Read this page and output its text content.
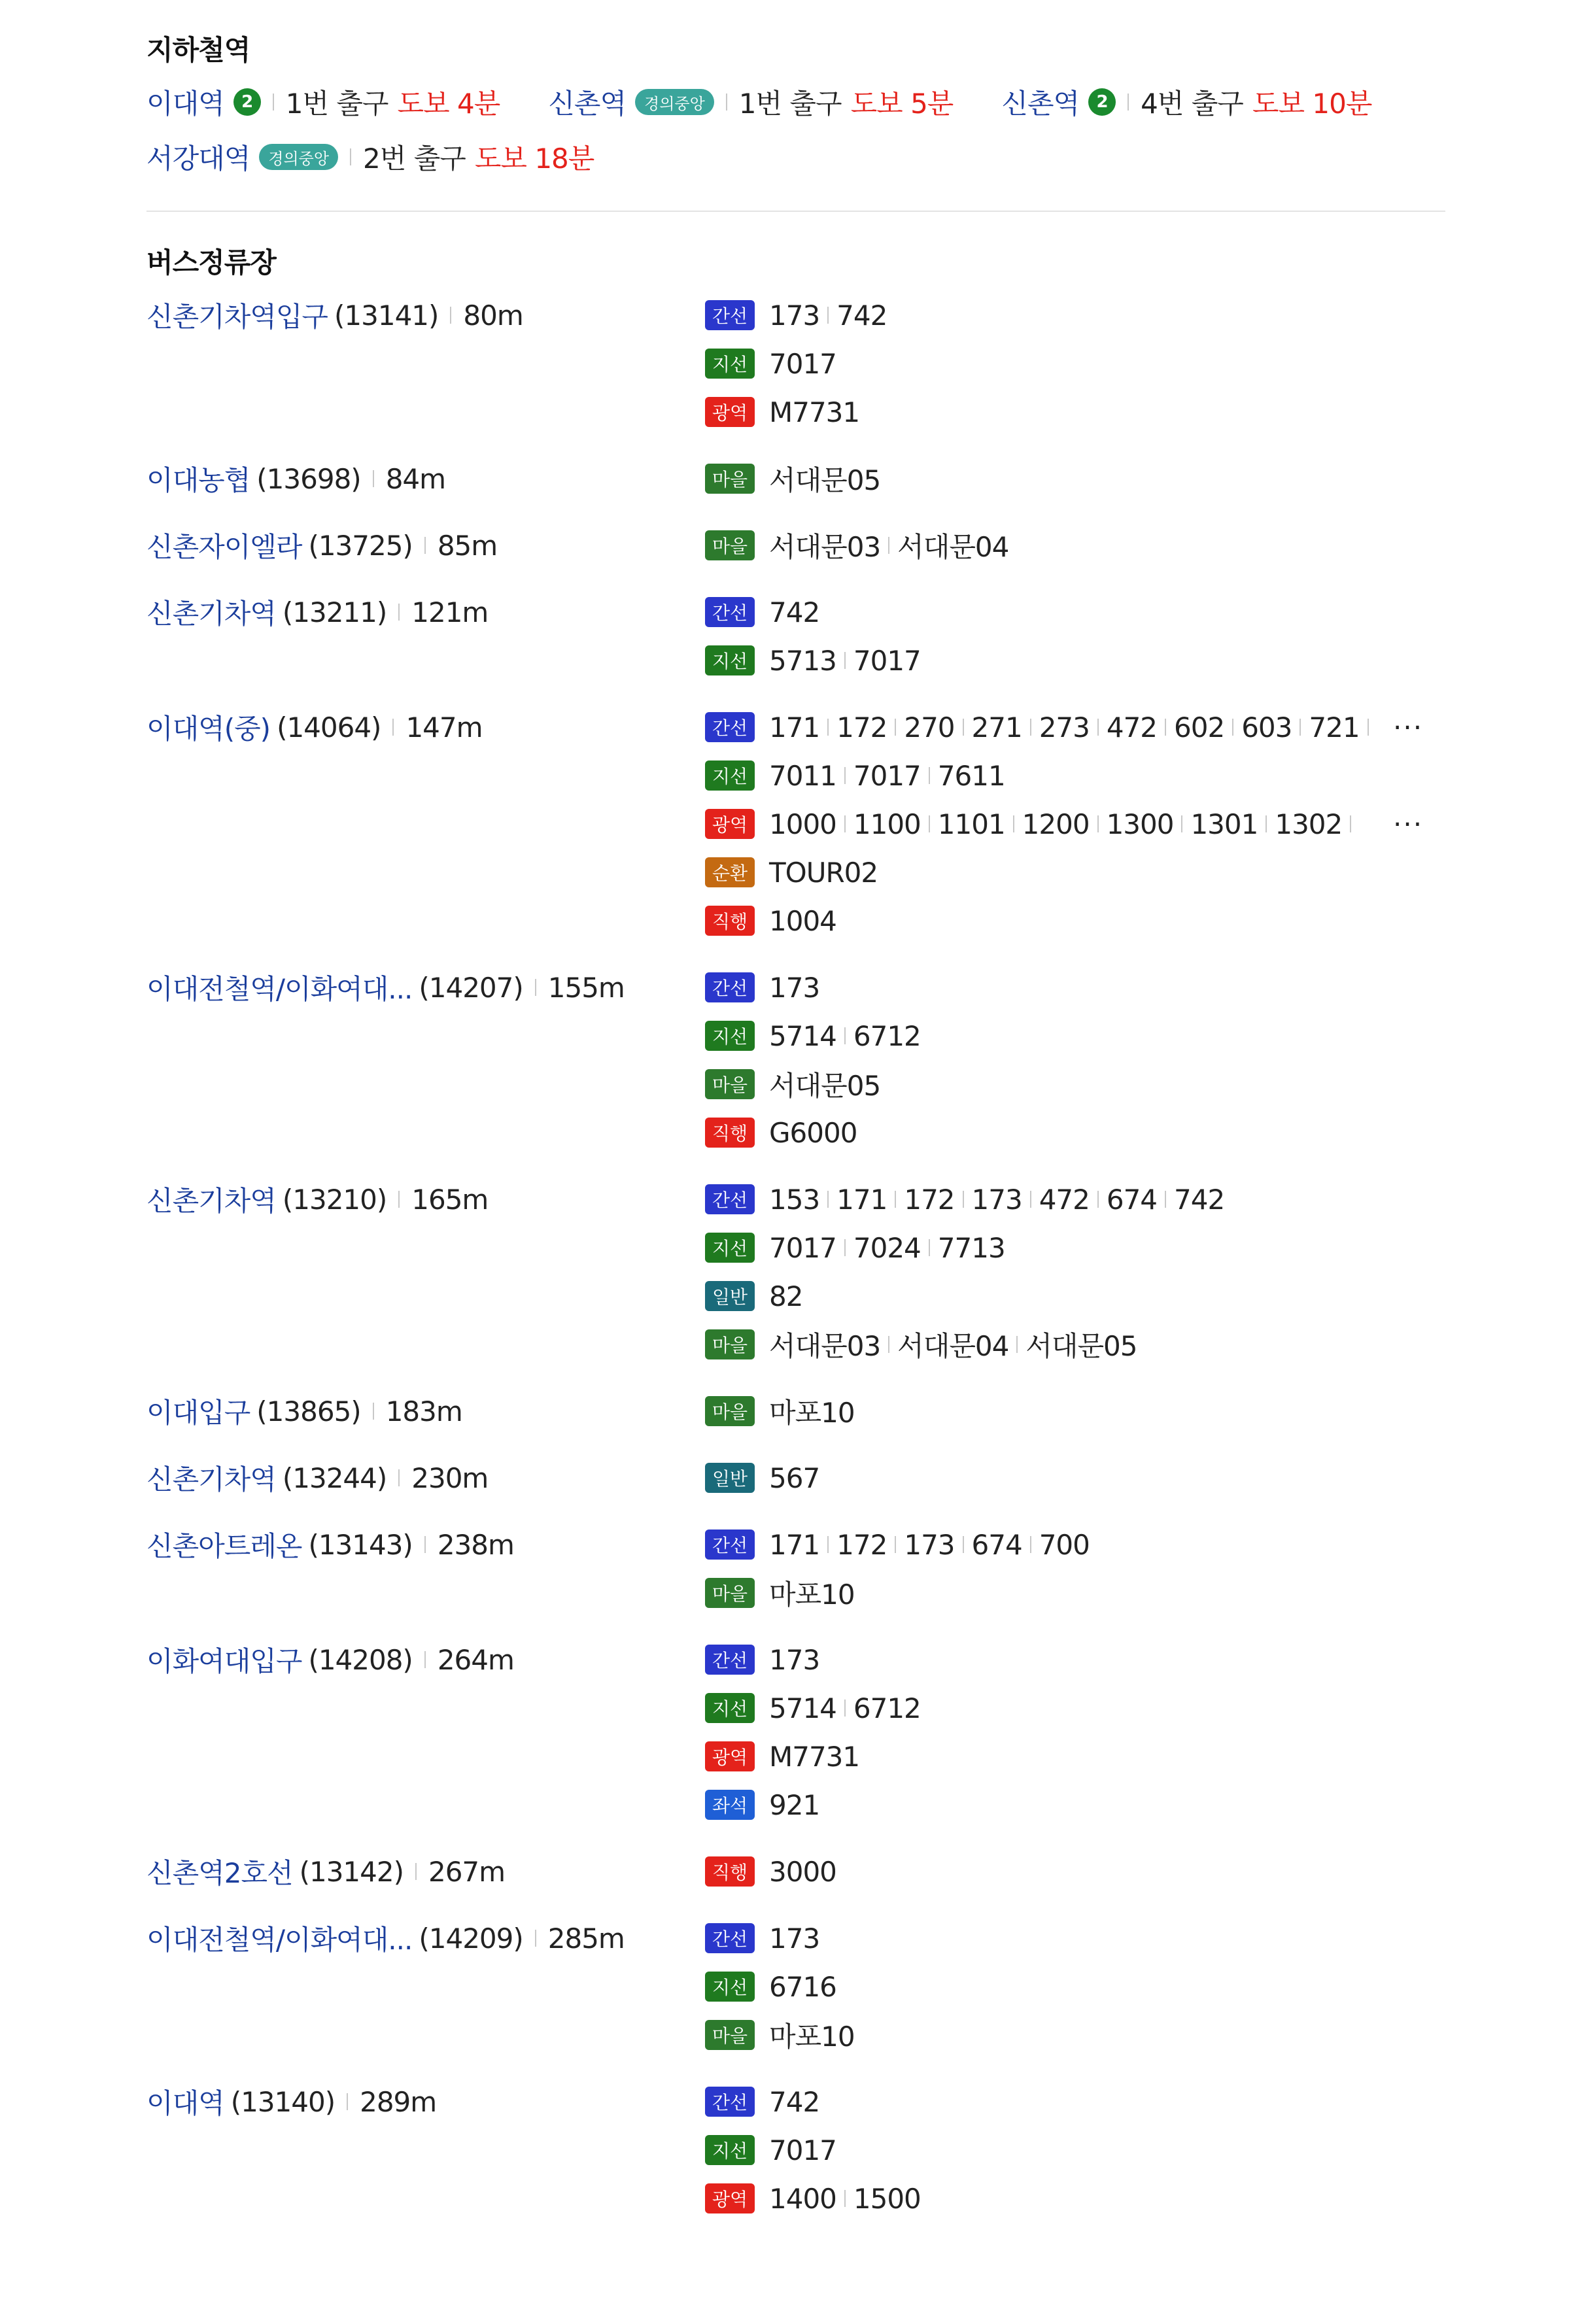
지하철역
이대역	2 1번 출구 도보 4분 신촌역	경의중앙	1번 출구 도보 5분 신촌역	2 4번 출구 도보 10분
서강대역	경의중앙	2번 출구 도보 18분
버스정류장
신촌기차역입구 (13141) 80m	간선 173 742
지선 7017
광역 M7731
이대농협 (13698) 84m	마을 서대문05
신촌자이엘라 (13725) 85m	마을 서대문03 서대문04
신촌기차역 (13211) 121m	간선 742
지선 5713 7017
이대역(중) (14064) 147m	간선 171 172 270 271 273 472 602 603 721 ···
지선 7011 7017 7611
광역 1000 1100 1101 1200 1300 1301 1302 ···
순환 TOUR02
직행 1004
이대전철역/이화여대... (14207) 155m	간선 173
지선 5714 6712
마을 서대문05
직행 G6000
신촌기차역 (13210) 165m	간선 153 171 172 173 472 674 742
지선 7017 7024 7713
일반 82
마을 서대문03 서대문04 서대문05
이대입구 (13865) 183m	마을 마포10
신촌기차역 (13244) 230m	일반 567
신촌아트레온 (13143) 238m	간선 171 172 173 674 700
마을 마포10
이화여대입구 (14208) 264m	간선 173
지선 5714 6712
광역 M7731
좌석 921
신촌역2호선 (13142) 267m	직행 3000
이대전철역/이화여대... (14209) 285m	간선 173
지선 6716
마을 마포10
이대역 (13140) 289m	간선 742
지선 7017
광역 1400 1500
